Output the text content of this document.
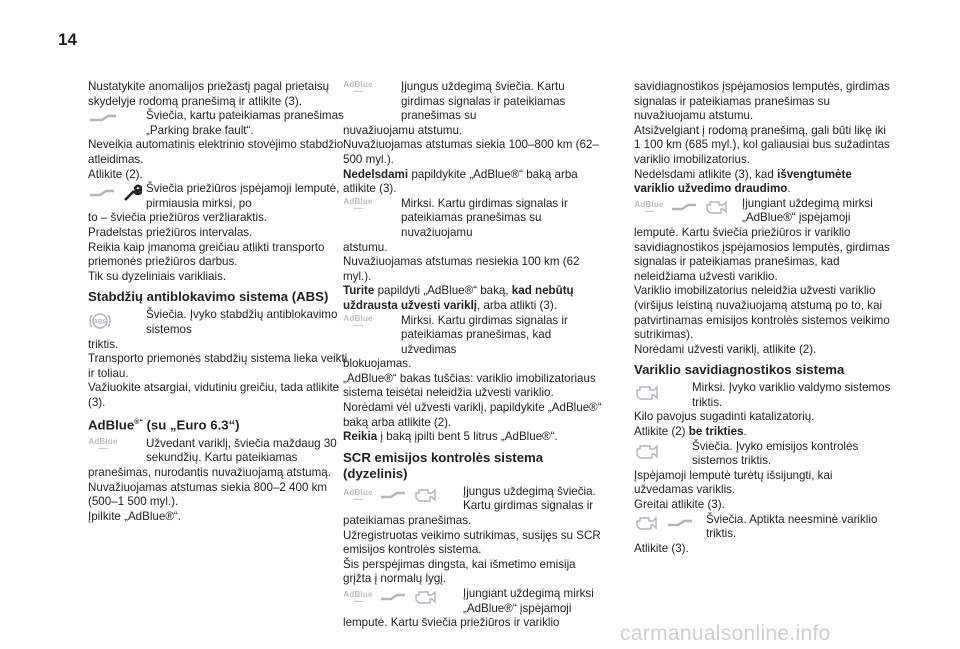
14

Nustatykite anomalijos priežastį pagal prietaisų skydelyje rodomą pranešimą ir atlikite (3).

Šviečia, kartu pateikiamas pranešimas „Parking brake fault“.

Neveikia automatinis elektrinio stovėjimo stabdžio atleidimas.

Atlikite (2).

Šviečia priežiūros įspėjamoji lemputė, pirmiausia mirksi, po

to – šviečia priežiūros veržliaraktis.

Pradelstas priežiūros intervalas.

Reikia kaip įmanoma greičiau atlikti transporto priemonės priežiūros darbus.

Tik su dyzeliniais varikliais.

Stabdžių antiblokavimo sistema (ABS)
ABS
Šviečia. Įvyko stabdžių antiblokavimo sistemos

triktis.

Transporto priemonės stabdžių sistema lieka veikti ir toliau.

Važiuokite atsargiai, vidutiniu greičiu, tada atlikite (3).

AdBlue®“ (su „Euro 6.3“)
AdBlue
~~~	Užvedant variklį, šviečia maždaug 30 sekundžių. Kartu pateikiamas

pranešimas, nurodantis nuvažiuojamą atstumą.

Nuvažiuojamas atstumas siekia 800–2 400 km (500–1 500 myl.).

Įpilkite „AdBlue®“.

AdBlue
~~~	Įjungus uždegimą šviečia. Kartu girdimas signalas ir pateikiamas pranešimas su

nuvažiuojamu atstumu.

Nuvažiuojamas atstumas siekia 100–800 km (62–500 myl.).

Nedelsdami papildykite „AdBlue®“ baką arba atlikite (3).

AdBlue
~~~	Mirksi. Kartu girdimas signalas ir pateikiamas pranešimas su nuvažiuojamu

atstumu.

Nuvažiuojamas atstumas nesiekia 100 km (62 myl.).

Turite papildyti „AdBlue®“ baką, kad nebūtų uždrausta užvesti variklį, arba atlikti (3).

AdBlue
~~~	Mirksi. Kartu girdimas signalas ir pateikiamas pranešimas, kad užvedimas

blokuojamas.

„AdBlue®“ bakas tuščias: variklio imobilizatoriaus sistema teisėtai neleidžia užvesti variklio.

Norėdami vėl užvesti variklį, papildykite „AdBlue®“ baką arba atlikite (2).

Reikia į baką įpilti bent 5 litrus „AdBlue®“.

SCR emisijos kontrolės sistema (dyzelinis)
AdBlue
~~~
Įjungus uždegimą šviečia. Kartu girdimas signalas ir

pateikiamas pranešimas.

Užregistruotas veikimo sutrikimas, susijęs su SCR emisijos kontrolės sistema.

Šis perspėjimas dingsta, kai išmetimo emisija grįžta į normalų lygį.

AdBlue
~~~
Įjungiant uždegimą mirksi „AdBlue®“ įspėjamoji

lemputė. Kartu šviečia priežiūros ir variklio

savidiagnostikos įspėjamosios lemputės, girdimas signalas ir pateikiamas pranešimas su nuvažiuojamu atstumu.

Atsižvelgiant į rodomą pranešimą, gali būti likę iki 1 100 km (685 myl.), kol galiausiai bus sužadintas variklio imobilizatorius.

Nedelsdami atlikite (3), kad išvengtumėte variklio užvedimo draudimo.

AdBlue
~~~
Įjungiant uždegimą mirksi „AdBlue®“ įspėjamoji

lemputė. Kartu šviečia priežiūros ir variklio savidiagnostikos įspėjamosios lemputės, girdimas signalas ir pateikiamas pranešimas, kad neleidžiama užvesti variklio.

Variklio imobilizatorius neleidžia užvesti variklio (viršijus leistiną nuvažiuojamą atstumą po to, kai patvirtinamas emisijos kontrolės sistemos veikimo sutrikimas).

Norėdami užvesti variklį, atlikite (2).

Variklio savidiagnostikos sistema
Mirksi. Įvyko variklio valdymo sistemos triktis.

Kilo pavojus sugadinti katalizatorių.

Atlikite (2) be trikties.

Šviečia. Įvyko emisijos kontrolės sistemos triktis.

Įspėjamoji lemputė turėtų išsijungti, kai užvedamas variklis.

Greitai atlikite (3).

Šviečia. Aptikta neesminė variklio triktis.

Atlikite (3).

carmanualsonline.info
